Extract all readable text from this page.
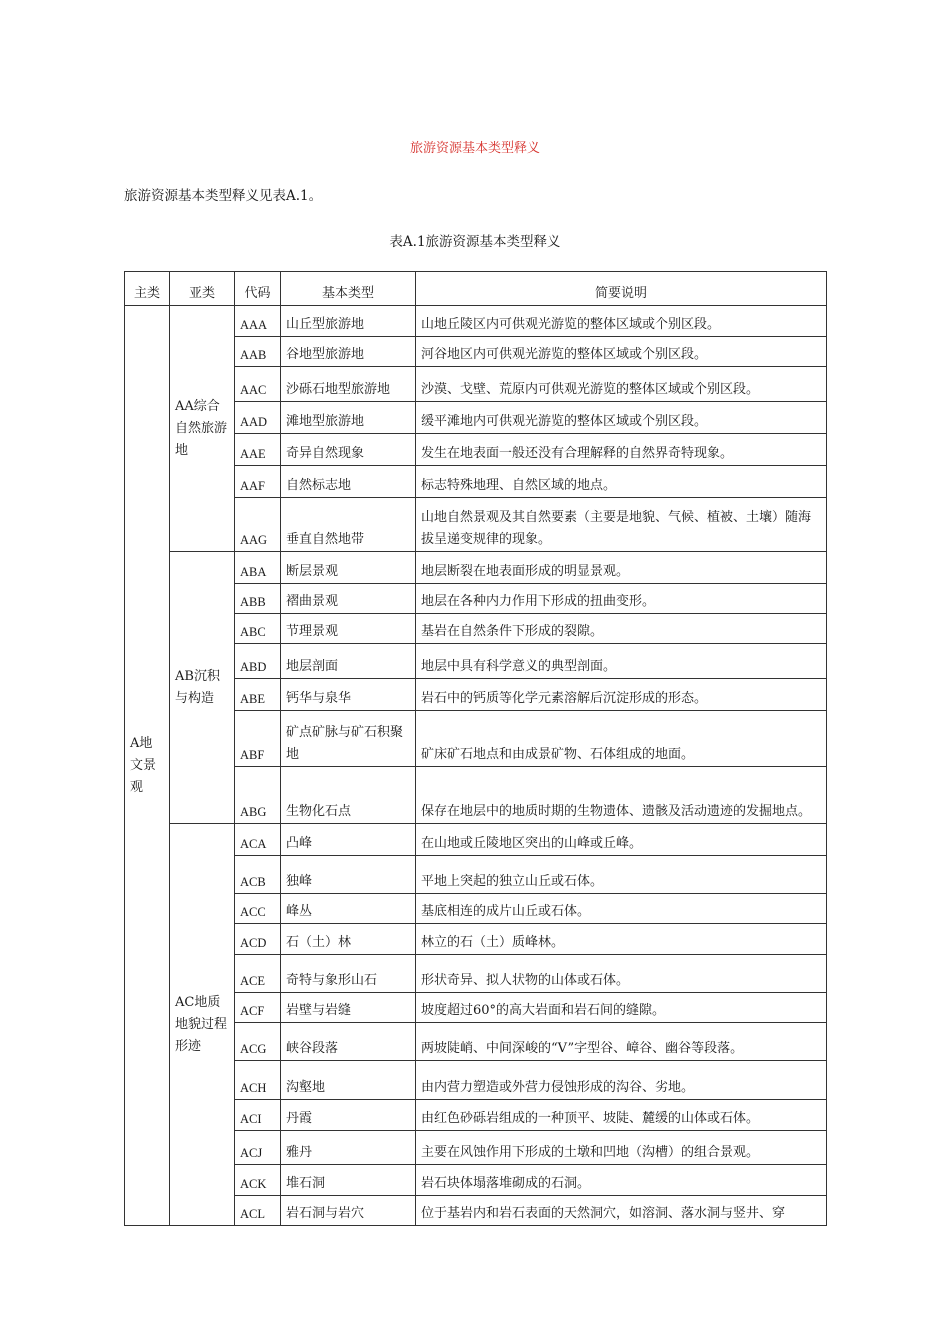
旅游资源基本类型释义
旅游资源基本类型释义见表A.1。
表A.1旅游资源基本类型释义
主类	亚类	代码	基本类型	简要说明
A地文景观	AA综合自然旅游地	AAA	山丘型旅游地	山地丘陵区内可供观光游览的整体区域或个别区段。
		AAB	谷地型旅游地	河谷地区内可供观光游览的整体区域或个别区段。
		AAC	沙砾石地型旅游地	沙漠、戈壁、荒原内可供观光游览的整体区域或个别区段。
		AAD	滩地型旅游地	缓平滩地内可供观光游览的整体区域或个别区段。
		AAE	奇异自然现象	发生在地表面一般还没有合理解释的自然界奇特现象。
		AAF	自然标志地	标志特殊地理、自然区域的地点。
		AAG	垂直自然地带	山地自然景观及其自然要素（主要是地貌、气候、植被、土壤）随海拔呈递变规律的现象。
	AB沉积与构造	ABA	断层景观	地层断裂在地表面形成的明显景观。
		ABB	褶曲景观	地层在各种内力作用下形成的扭曲变形。
		ABC	节理景观	基岩在自然条件下形成的裂隙。
		ABD	地层剖面	地层中具有科学意义的典型剖面。
		ABE	钙华与泉华	岩石中的钙质等化学元素溶解后沉淀形成的形态。
		ABF	矿点矿脉与矿石积聚地	矿床矿石地点和由成景矿物、石体组成的地面。
		ABG	生物化石点	保存在地层中的地质时期的生物遗体、遗骸及活动遗迹的发掘地点。
	AC地质地貌过程形迹	ACA	凸峰	在山地或丘陵地区突出的山峰或丘峰。
		ACB	独峰	平地上突起的独立山丘或石体。
		ACC	峰丛	基底相连的成片山丘或石体。
		ACD	石（土）林	林立的石（土）质峰林。
		ACE	奇特与象形山石	形状奇异、拟人状物的山体或石体。
		ACF	岩壁与岩缝	坡度超过60°的高大岩面和岩石间的缝隙。
		ACG	峡谷段落	两坡陡峭、中间深峻的“V”字型谷、嶂谷、幽谷等段落。
		ACH	沟壑地	由内营力塑造或外营力侵蚀形成的沟谷、劣地。
		ACI	丹霞	由红色砂砾岩组成的一种顶平、坡陡、麓缓的山体或石体。
		ACJ	雅丹	主要在风蚀作用下形成的土墩和凹地（沟槽）的组合景观。
		ACK	堆石洞	岩石块体塌落堆砌成的石洞。
		ACL	岩石洞与岩穴	位于基岩内和岩石表面的天然洞穴，如溶洞、落水洞与竖井、穿
